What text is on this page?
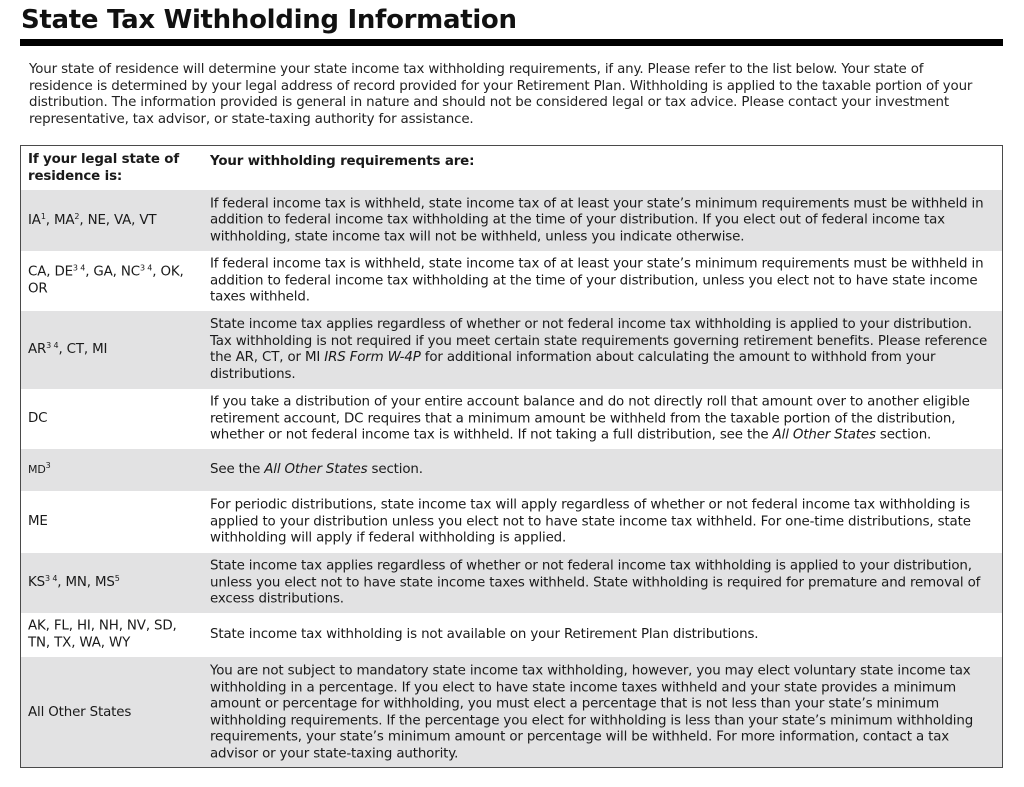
State Tax Withholding Information
Your state of residence will determine your state income tax withholding requirements, if any. Please refer to the list below. Your state of residence is determined by your legal address of record provided for your Retirement Plan. Withholding is applied to the taxable portion of your distribution. The information provided is general in nature and should not be considered legal or tax advice. Please contact your investment representative, tax advisor, or state-taxing authority for assistance.
If your legal state of residence is:
Your withholding requirements are:
$IA^1$, $MA^2$, NE, VA, VT
If federal income tax is withheld, state income tax of at least your state’s minimum requirements must be withheld in addition to federal income tax withholding at the time of your distribution. If you elect out of federal income tax withholding, state income tax will not be withheld, unless you indicate otherwise.
CA, $DE^{3 4}$, GA, $NC^{3 4}$, OK, OR
If federal income tax is withheld, state income tax of at least your state’s minimum requirements must be withheld in addition to federal income tax withholding at the time of your distribution, unless you elect not to have state income taxes withheld.
$AR^{3 4}$, CT, MI
State income tax applies regardless of whether or not federal income tax withholding is applied to your distribution. Tax withholding is not required if you meet certain state requirements governing retirement benefits. Please reference the AR, CT, or MI IRS Form W-4P for additional information about calculating the amount to withhold from your distributions.
DC
If you take a distribution of your entire account balance and do not directly roll that amount over to another eligible retirement account, DC requires that a minimum amount be withheld from the taxable portion of the distribution, whether or not federal income tax is withheld. If not taking a full distribution, see the All Other States section.
$MD^3$	See the All Other States section.
ME
For periodic distributions, state income tax will apply regardless of whether or not federal income tax withholding is applied to your distribution unless you elect not to have state income tax withheld. For one-time distributions, state withholding will apply if federal withholding is applied.
$KS^{3 4}$, MN, $MS^5$
State income tax applies regardless of whether or not federal income tax withholding is applied to your distribution, unless you elect not to have state income taxes withheld. State withholding is required for premature and removal of excess distributions.
AK, FL, HI, NH, NV, SD, TN, TX, WA, WY
State income tax withholding is not available on your Retirement Plan distributions.
All Other States
You are not subject to mandatory state income tax withholding, however, you may elect voluntary state income tax withholding in a percentage. If you elect to have state income taxes withheld and your state provides a minimum amount or percentage for withholding, you must elect a percentage that is not less than your state’s minimum withholding requirements. If the percentage you elect for withholding is less than your state’s minimum withholding requirements, your state’s minimum amount or percentage will be withheld. For more information, contact a tax advisor or your state-taxing authority.
